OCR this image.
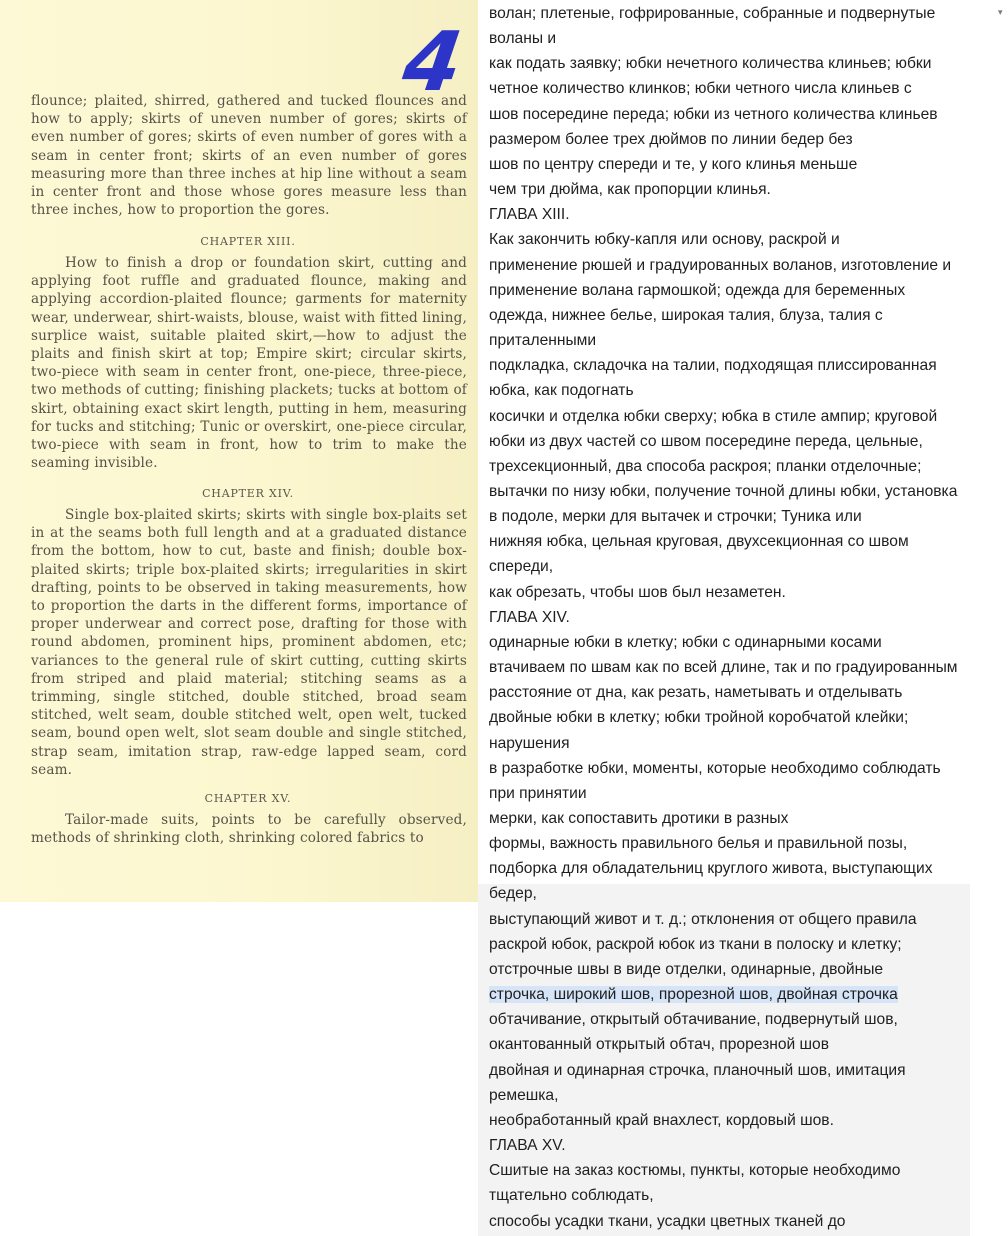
4
flounce; plaited, shirred, gathered and tucked flounces and how to apply; skirts of uneven number of gores; skirts of even number of gores; skirts of even number of gores with a seam in center front; skirts of an even number of gores measuring more than three inches at hip line without a seam in center front and those whose gores measure less than three inches, how to proportion the gores.
CHAPTER XIII.
How to finish a drop or foundation skirt, cutting and applying foot ruffle and graduated flounce, making and applying accordion-plaited flounce; garments for maternity wear, underwear, shirt-waists, blouse, waist with fitted lining, surplice waist, suitable plaited skirt,—how to adjust the plaits and finish skirt at top; Empire skirt; circular skirts, two-piece with seam in center front, one-piece, three-piece, two methods of cutting; finishing plackets; tucks at bottom of skirt, obtaining exact skirt length, putting in hem, measuring for tucks and stitching; Tunic or overskirt, one-piece circular, two-piece with seam in front, how to trim to make the seaming invisible.
CHAPTER XIV.
Single box-plaited skirts; skirts with single box-plaits set in at the seams both full length and at a graduated distance from the bottom, how to cut, baste and finish; double box-plaited skirts; triple box-plaited skirts; irregularities in skirt drafting, points to be observed in taking measurements, how to proportion the darts in the different forms, importance of proper underwear and correct pose, drafting for those with round abdomen, prominent hips, prominent abdomen, etc; variances to the general rule of skirt cutting, cutting skirts from striped and plaid material; stitching seams as a trimming, single stitched, double stitched, broad seam stitched, welt seam, double stitched welt, open welt, tucked seam, bound open welt, slot seam double and single stitched, strap seam, imitation strap, raw-edge lapped seam, cord seam.
CHAPTER XV.
Tailor-made suits, points to be carefully observed, methods of shrinking cloth, shrinking colored fabrics to
▾
волан; плетеные, гофрированные, собранные и подвернутые
воланы и
как подать заявку; юбки нечетного количества клиньев; юбки
четное количество клинков; юбки четного числа клиньев с
шов посередине переда; юбки из четного количества клиньев
размером более трех дюймов по линии бедер без
шов по центру спереди и те, у кого клинья меньше
чем три дюйма, как пропорции клинья.
ГЛАВА XIII.
Как закончить юбку-капля или основу, раскрой и
применение рюшей и градуированных воланов, изготовление и
применение волана гармошкой; одежда для беременных
одежда, нижнее белье, широкая талия, блуза, талия с
приталенными
подкладка, складочка на талии, подходящая плиссированная
юбка, как подогнать
косички и отделка юбки сверху; юбка в стиле ампир; круговой
юбки из двух частей со швом посередине переда, цельные,
трехсекционный, два способа раскроя; планки отделочные;
вытачки по низу юбки, получение точной длины юбки, установка
в подоле, мерки для вытачек и строчки; Туника или
нижняя юбка, цельная круговая, двухсекционная со швом
спереди,
как обрезать, чтобы шов был незаметен.
ГЛАВА XIV.
одинарные юбки в клетку; юбки с одинарными косами
втачиваем по швам как по всей длине, так и по градуированным
расстояние от дна, как резать, наметывать и отделывать
двойные юбки в клетку; юбки тройной коробчатой клейки;
нарушения
в разработке юбки, моменты, которые необходимо соблюдать
при принятии
мерки, как сопоставить дротики в разных
формы, важность правильного белья и правильной позы,
подборка для обладательниц круглого живота, выступающих
бедер,
выступающий живот и т. д.; отклонения от общего правила
раскрой юбок, раскрой юбок из ткани в полоску и клетку;
отстрочные швы в виде отделки, одинарные, двойные
строчка, широкий шов, прорезной шов, двойная строчка
обтачивание, открытый обтачивание, подвернутый шов,
окантованный открытый обтач, прорезной шов
двойная и одинарная строчка, планочный шов, имитация
ремешка,
необработанный край внахлест, кордовый шов.
ГЛАВА XV.
Сшитые на заказ костюмы, пункты, которые необходимо
тщательно соблюдать,
способы усадки ткани, усадки цветных тканей до
